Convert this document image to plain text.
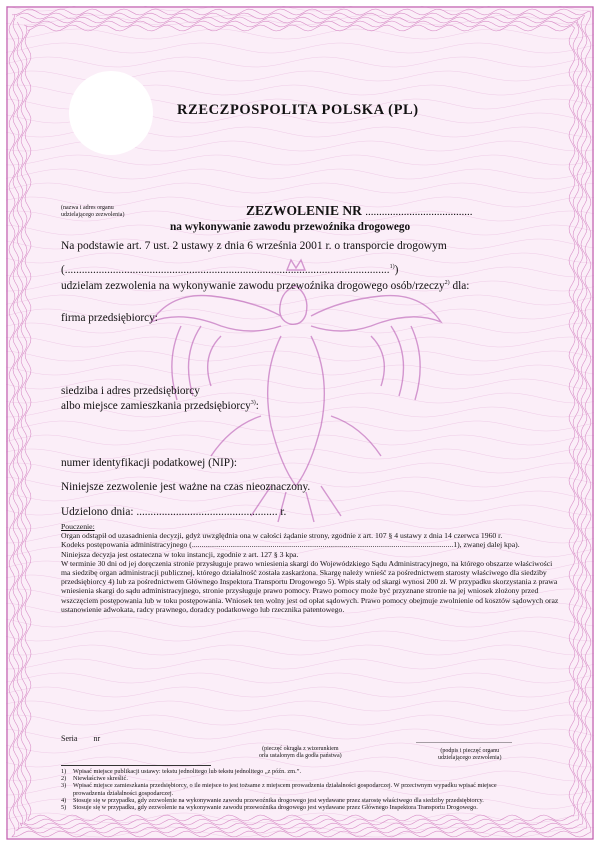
RZECZPOSPOLITA POLSKA (PL)
(nazwa i adres organu
udzielającego zezwolenia)	ZEZWOLENIE NR .......................................
na wykonywanie zawodu przewoźnika drogowego
Na podstawie art. 7 ust. 2 ustawy z dnia 6 września 2001 r. o transporcie drogowym
(...................................................................................................................$^{1)}$)
udzielam zezwolenia na wykonywanie zawodu przewoźnika drogowego osób/rzeczy$^{2)}$ dla:
firma przedsiębiorcy:
siedziba i adres przedsiębiorcy
albo miejsce zamieszkania przedsiębiorcy$^{3)}$:
numer identyfikacji podatkowej (NIP):
Niniejsze zezwolenie jest ważne na czas nieoznaczony.
Udzielono dnia: .................................................. r.
Pouczenie:
Organ odstąpił od uzasadnienia decyzji, gdyż uwzględnia ona w całości żądanie strony, zgodnie z art. 107 § 4 ustawy z dnia 14 czerwca 1960 r.
Kodeks postępowania administracyjnego (........................................................................................................................................1), zwanej dalej kpa).
Niniejsza decyzja jest ostateczna w toku instancji, zgodnie z art. 127 § 3 kpa.
W terminie 30 dni od jej doręczenia stronie przysługuje prawo wniesienia skargi do Wojewódzkiego Sądu Administracyjnego, na którego obszarze właściwości ma siedzibę organ administracji publicznej, którego działalność została zaskarżona. Skargę należy wnieść za pośrednictwem starosty właściwego dla siedziby przedsiębiorcy 4) lub za pośrednictwem Głównego Inspektora Transportu Drogowego 5). Wpis stały od skargi wynosi 200 zł. W przypadku skorzystania z prawa wniesienia skargi do sądu administracyjnego, stronie przysługuje prawo pomocy. Prawo pomocy może być przyznane stronie na jej wniosek złożony przed wszczęciem postępowania lub w toku postępowania. Wniosek ten wolny jest od opłat sądowych. Prawo pomocy obejmuje zwolnienie od kosztów sądowych oraz ustanowienie adwokata, radcy prawnego, doradcy podatkowego lub rzecznika patentowego.
Seria nr
(pieczęć okrągła z wizerunkiem
orła ustalonym dla godła państwa)
................................................
(podpis i pieczęć organu
udzielającego zezwolenia)
1) Wpisać miejsce publikacji ustawy: tekstu jednolitego lub tekstu jednolitego „z późn. zm.”.
2) Niewłaściwe skreślić.
3) Wpisać miejsce zamieszkania przedsiębiorcy, o ile miejsce to jest tożsame z miejscem prowadzenia działalności gospodarczej. W przeciwnym wypadku wpisać miejsce
prowadzenia działalności gospodarczej.
4) Stosuje się w przypadku, gdy zezwolenie na wykonywanie zawodu przewoźnika drogowego jest wydawane przez starostę właściwego dla siedziby przedsiębiorcy.
5) Stosuje się w przypadku, gdy zezwolenie na wykonywanie zawodu przewoźnika drogowego jest wydawane przez Głównego Inspektora Transportu Drogowego.
